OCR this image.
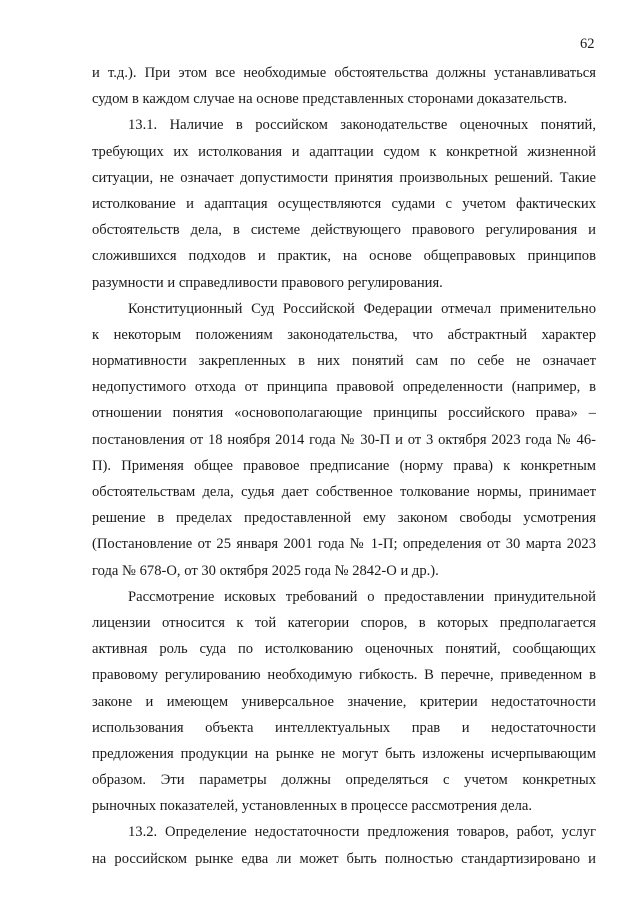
62
и т.д.). При этом все необходимые обстоятельства должны устанавливаться
судом в каждом случае на основе представленных сторонами доказательств.
13.1. Наличие в российском законодательстве оценочных понятий,
требующих их истолкования и адаптации судом к конкретной жизненной
ситуации, не означает допустимости принятия произвольных решений. Такие
истолкование и адаптация осуществляются судами с учетом фактических
обстоятельств дела, в системе действующего правового регулирования и
сложившихся подходов и практик, на основе общеправовых принципов
разумности и справедливости правового регулирования.
Конституционный Суд Российской Федерации отмечал применительно
к некоторым положениям законодательства, что абстрактный характер
нормативности закрепленных в них понятий сам по себе не означает
недопустимого отхода от принципа правовой определенности (например, в
отношении понятия «основополагающие принципы российского права» –
постановления от 18 ноября 2014 года № 30-П и от 3 октября 2023 года № 46-
П). Применяя общее правовое предписание (норму права) к конкретным
обстоятельствам дела, судья дает собственное толкование нормы, принимает
решение в пределах предоставленной ему законом свободы усмотрения
(Постановление от 25 января 2001 года № 1-П; определения от 30 марта 2023
года № 678-О, от 30 октября 2025 года № 2842-О и др.).
Рассмотрение исковых требований о предоставлении принудительной
лицензии относится к той категории споров, в которых предполагается
активная роль суда по истолкованию оценочных понятий, сообщающих
правовому регулированию необходимую гибкость. В перечне, приведенном в
законе и имеющем универсальное значение, критерии недостаточности
использования объекта интеллектуальных прав и недостаточности
предложения продукции на рынке не могут быть изложены исчерпывающим
образом. Эти параметры должны определяться с учетом конкретных
рыночных показателей, установленных в процессе рассмотрения дела.
13.2. Определение недостаточности предложения товаров, работ, услуг
на российском рынке едва ли может быть полностью стандартизировано и
